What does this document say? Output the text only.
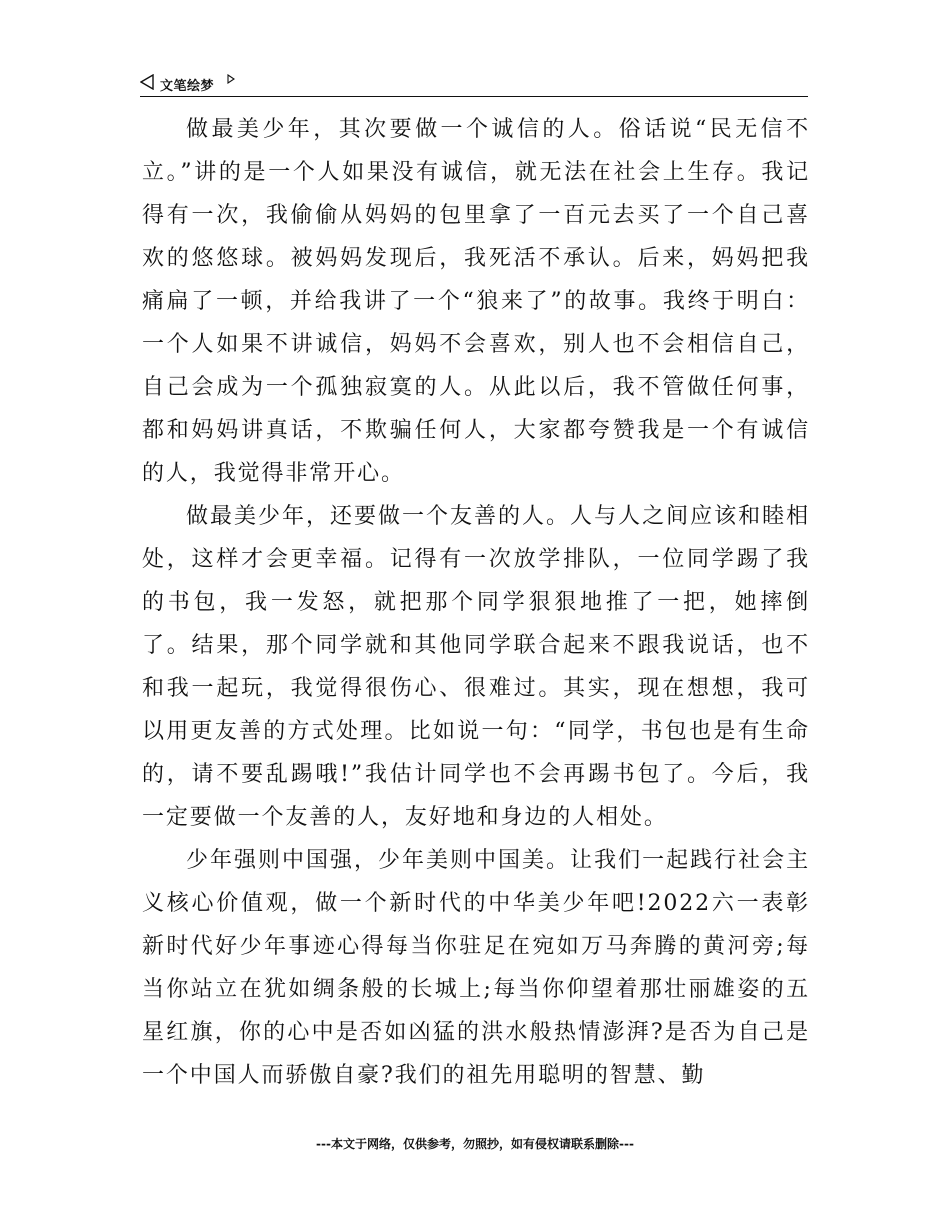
文笔绘梦

做最美少年，其次要做一个诚信的人。俗话说“民无信不立。”讲的是一个人如果没有诚信，就无法在社会上生存。我记得有一次，我偷偷从妈妈的包里拿了一百元去买了一个自己喜欢的悠悠球。被妈妈发现后，我死活不承认。后来，妈妈把我痛扁了一顿，并给我讲了一个“狼来了”的故事。我终于明白：一个人如果不讲诚信，妈妈不会喜欢，别人也不会相信自己，自己会成为一个孤独寂寞的人。从此以后，我不管做任何事，都和妈妈讲真话，不欺骗任何人，大家都夸赞我是一个有诚信的人，我觉得非常开心。

做最美少年，还要做一个友善的人。人与人之间应该和睦相处，这样才会更幸福。记得有一次放学排队，一位同学踢了我的书包，我一发怒，就把那个同学狠狠地推了一把，她摔倒了。结果，那个同学就和其他同学联合起来不跟我说话，也不和我一起玩，我觉得很伤心、很难过。其实，现在想想，我可以用更友善的方式处理。比如说一句：“同学，书包也是有生命的，请不要乱踢哦!”我估计同学也不会再踢书包了。今后，我一定要做一个友善的人，友好地和身边的人相处。

少年强则中国强，少年美则中国美。让我们一起践行社会主义核心价值观，做一个新时代的中华美少年吧!2022六一表彰新时代好少年事迹心得每当你驻足在宛如万马奔腾的黄河旁;每当你站立在犹如绸条般的长城上;每当你仰望着那壮丽雄姿的五星红旗，你的心中是否如凶猛的洪水般热情澎湃?是否为自己是一个中国人而骄傲自豪?我们的祖先用聪明的智慧、勤

---本文于网络，仅供参考，勿照抄，如有侵权请联系删除---
